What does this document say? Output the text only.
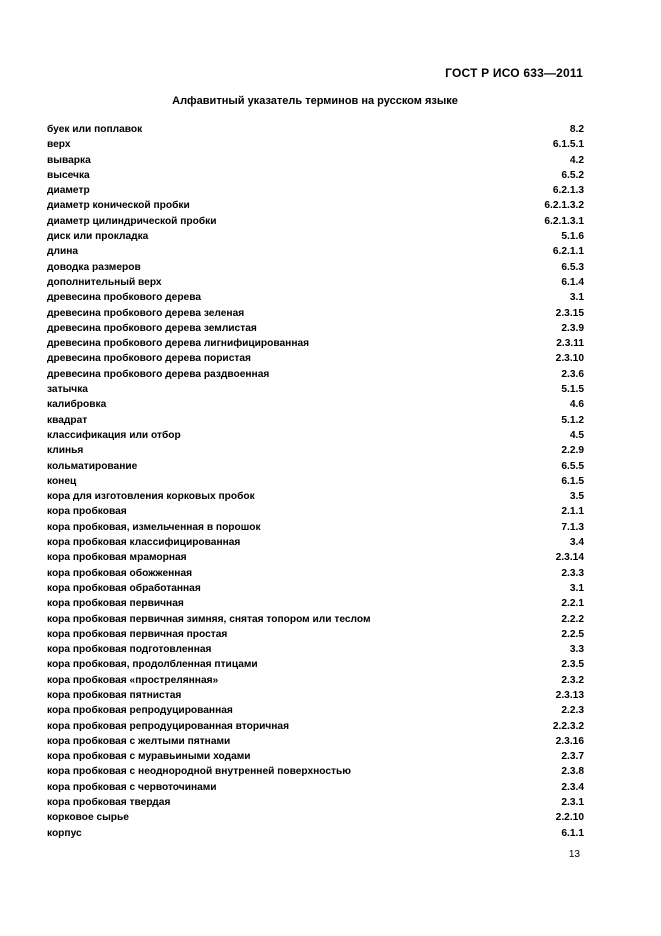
ГОСТ Р ИСО 633—2011
Алфавитный указатель терминов на русском языке
буек или поплавок	8.2
верх	6.1.5.1
выварка	4.2
высечка	6.5.2
диаметр	6.2.1.3
диаметр конической пробки	6.2.1.3.2
диаметр цилиндрической пробки	6.2.1.3.1
диск или прокладка	5.1.6
длина	6.2.1.1
доводка размеров	6.5.3
дополнительный верх	6.1.4
древесина пробкового дерева	3.1
древесина пробкового дерева зеленая	2.3.15
древесина пробкового дерева землистая	2.3.9
древесина пробкового дерева лигнифицированная	2.3.11
древесина пробкового дерева пористая	2.3.10
древесина пробкового дерева раздвоенная	2.3.6
затычка	5.1.5
калибровка	4.6
квадрат	5.1.2
классификация или отбор	4.5
клинья	2.2.9
кольматирование	6.5.5
конец	6.1.5
кора для изготовления корковых пробок	3.5
кора пробковая	2.1.1
кора пробковая, измельченная в порошок	7.1.3
кора пробковая классифицированная	3.4
кора пробковая мраморная	2.3.14
кора пробковая обожженная	2.3.3
кора пробковая обработанная	3.1
кора пробковая первичная	2.2.1
кора пробковая первичная зимняя, снятая топором или теслом	2.2.2
кора пробковая первичная простая	2.2.5
кора пробковая подготовленная	3.3
кора пробковая, продолбленная птицами	2.3.5
кора пробковая «простреляннaя»	2.3.2
кора пробковая пятнистая	2.3.13
кора пробковая репродуцированная	2.2.3
кора пробковая репродуцированная вторичная	2.2.3.2
кора пробковая с желтыми пятнами	2.3.16
кора пробковая с муравьиными ходами	2.3.7
кора пробковая с неоднородной внутренней поверхностью	2.3.8
кора пробковая с червоточинами	2.3.4
кора пробковая твердая	2.3.1
корковое сырье	2.2.10
корпус	6.1.1
13
